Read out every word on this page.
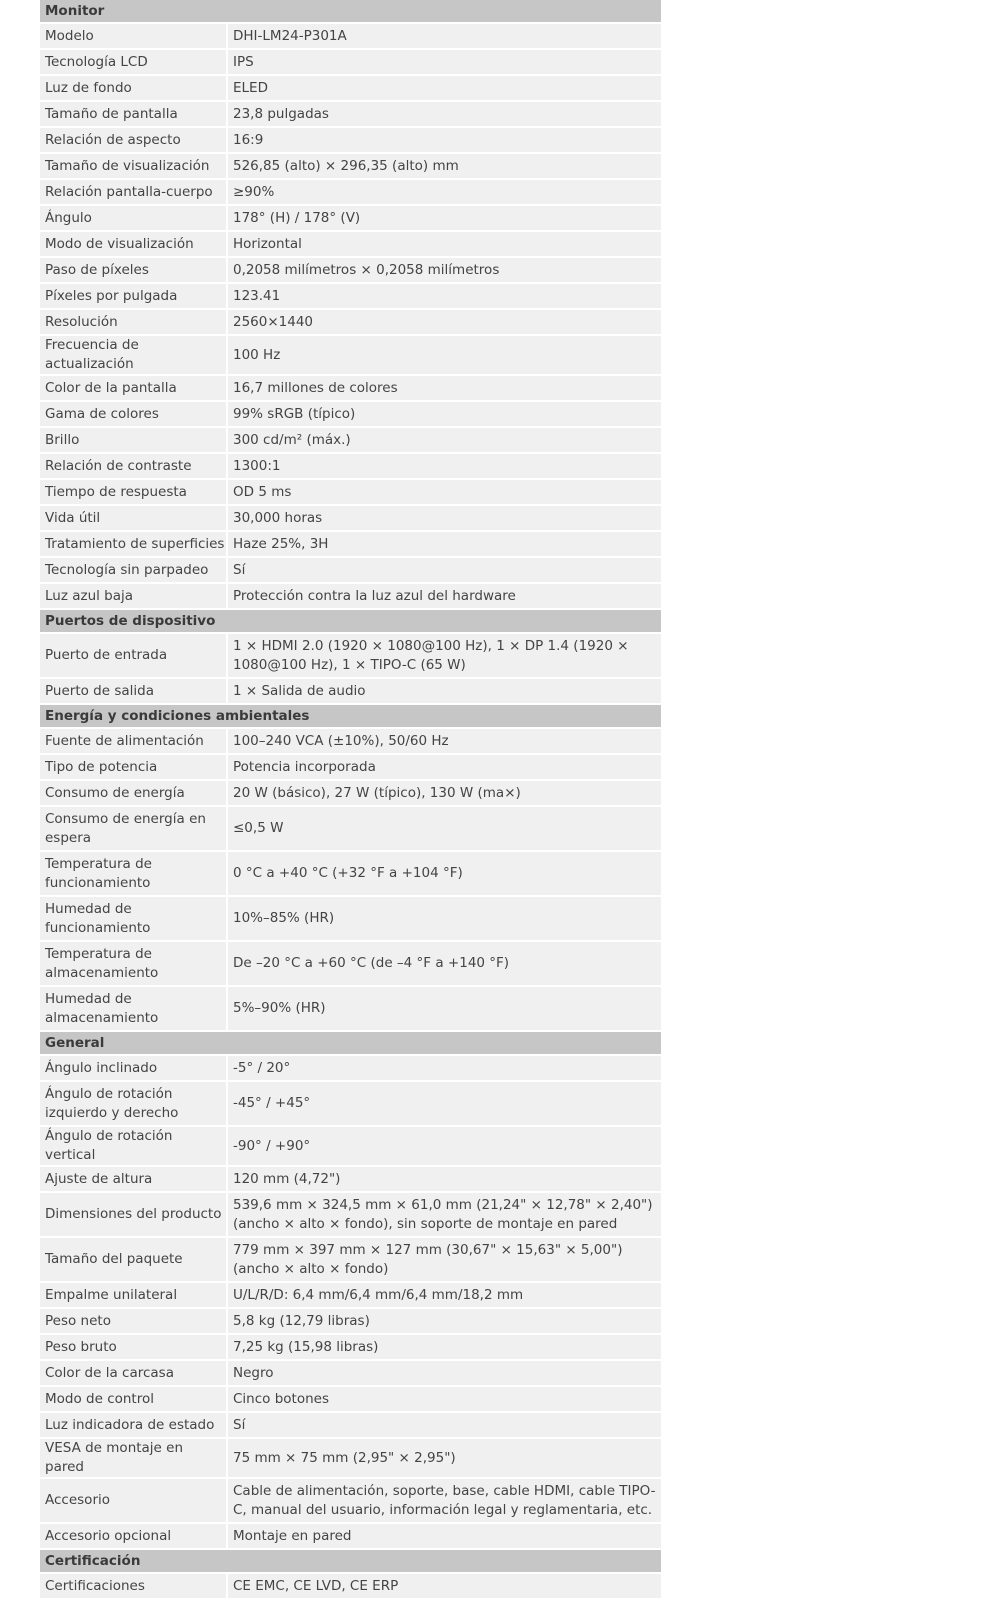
Monitor	
Modelo	DHI-LM24-P301A
Tecnología LCD	IPS
Luz de fondo	ELED
Tamaño de pantalla	23,8 pulgadas
Relación de aspecto	16:9
Tamaño de visualización	526,85 (alto) × 296,35 (alto) mm
Relación pantalla-cuerpo	≥90%
Ángulo	178° (H) / 178° (V)
Modo de visualización	Horizontal
Paso de píxeles	0,2058 milímetros × 0,2058 milímetros
Píxeles por pulgada	123.41
Resolución	2560×1440
Frecuencia de actualización	100 Hz
Color de la pantalla	16,7 millones de colores
Gama de colores	99% sRGB (típico)
Brillo	300 cd/m² (máx.)
Relación de contraste	1300:1
Tiempo de respuesta	OD 5 ms
Vida útil	30,000 horas
Tratamiento de superficies	Haze 25%, 3H
Tecnología sin parpadeo	Sí
Luz azul baja	Protección contra la luz azul del hardware
Puertos de dispositivo	
Puerto de entrada	1 × HDMI 2.0 (1920 × 1080@100 Hz), 1 × DP 1.4 (1920 × 1080@100 Hz), 1 × TIPO-C (65 W)
Puerto de salida	1 × Salida de audio
Energía y condiciones ambientales	
Fuente de alimentación	100–240 VCA (±10%), 50/60 Hz
Tipo de potencia	Potencia incorporada
Consumo de energía	20 W (básico), 27 W (típico), 130 W (ma×)
Consumo de energía en espera	≤0,5 W
Temperatura de funcionamiento	0 °C a +40 °C (+32 °F a +104 °F)
Humedad de funcionamiento	10%–85% (HR)
Temperatura de almacenamiento	De –20 °C a +60 °C (de –4 °F a +140 °F)
Humedad de almacenamiento	5%–90% (HR)
General	
Ángulo inclinado	-5° / 20°
Ángulo de rotación izquierdo y derecho	-45° / +45°
Ángulo de rotación vertical	-90° / +90°
Ajuste de altura	120 mm (4,72")
Dimensiones del producto	539,6 mm × 324,5 mm × 61,0 mm (21,24" × 12,78" × 2,40") (ancho × alto × fondo), sin soporte de montaje en pared
Tamaño del paquete	779 mm × 397 mm × 127 mm (30,67" × 15,63" × 5,00") (ancho × alto × fondo)
Empalme unilateral	U/L/R/D: 6,4 mm/6,4 mm/6,4 mm/18,2 mm
Peso neto	5,8 kg (12,79 libras)
Peso bruto	7,25 kg (15,98 libras)
Color de la carcasa	Negro
Modo de control	Cinco botones
Luz indicadora de estado	Sí
VESA de montaje en pared	75 mm × 75 mm (2,95" × 2,95")
Accesorio	Cable de alimentación, soporte, base, cable HDMI, cable TIPO-C, manual del usuario, información legal y reglamentaria, etc.
Accesorio opcional	Montaje en pared
Certificación	
Certificaciones	CE EMC, CE LVD, CE ERP
